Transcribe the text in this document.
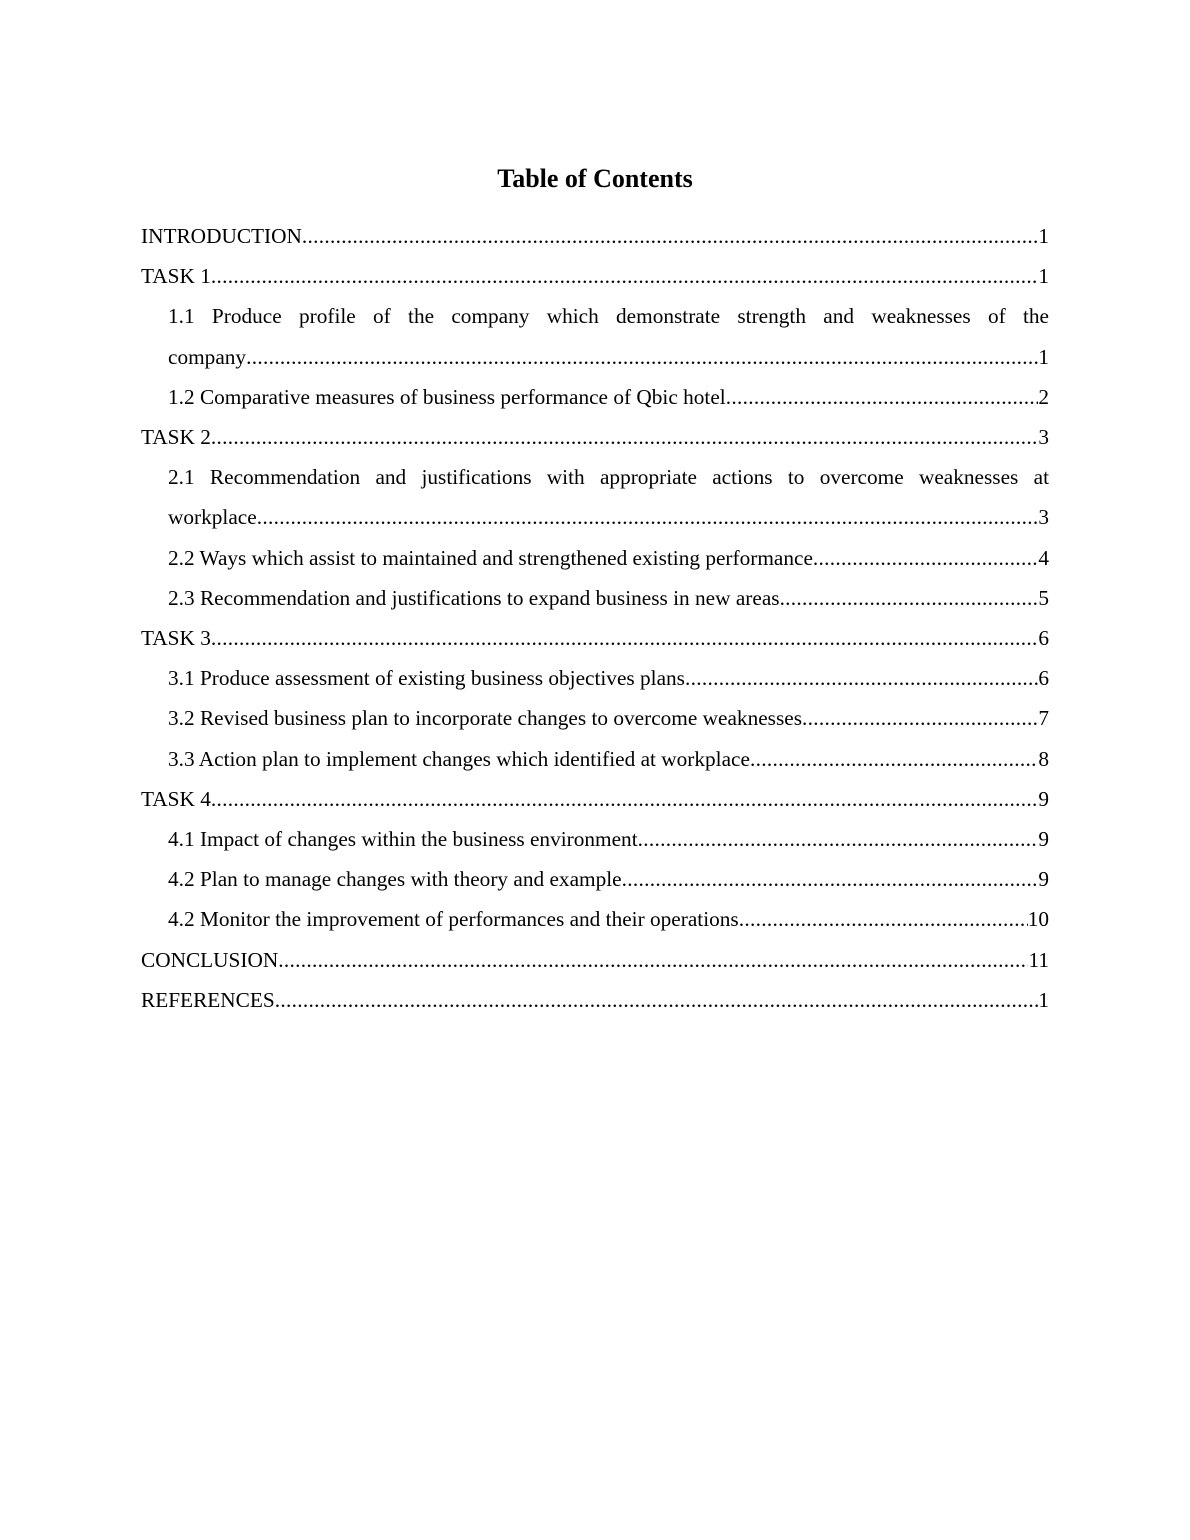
Table of Contents
INTRODUCTION .....	1
TASK 1 .....	1
1.1 Produce profile of the company which demonstrate strength and weaknesses of the
company .....	1
1.2 Comparative measures of business performance of Qbic hotel .....	2
TASK 2 .....	3
2.1 Recommendation and justifications with appropriate actions to overcome weaknesses at
workplace .....	3
2.2 Ways which assist to maintained and strengthened existing performance .....	4
2.3 Recommendation and justifications to expand business in new areas .....	5
TASK 3 .....	6
3.1 Produce assessment of existing business objectives plans .....	6
3.2 Revised business plan to incorporate changes to overcome weaknesses .....	7
3.3 Action plan to implement changes which identified at workplace .....	8
TASK 4 .....	9
4.1 Impact of changes within the business environment .....	9
4.2 Plan to manage changes with theory and example .....	9
4.2 Monitor the improvement of performances and their operations .....	10
CONCLUSION .....	11
REFERENCES .....	1
